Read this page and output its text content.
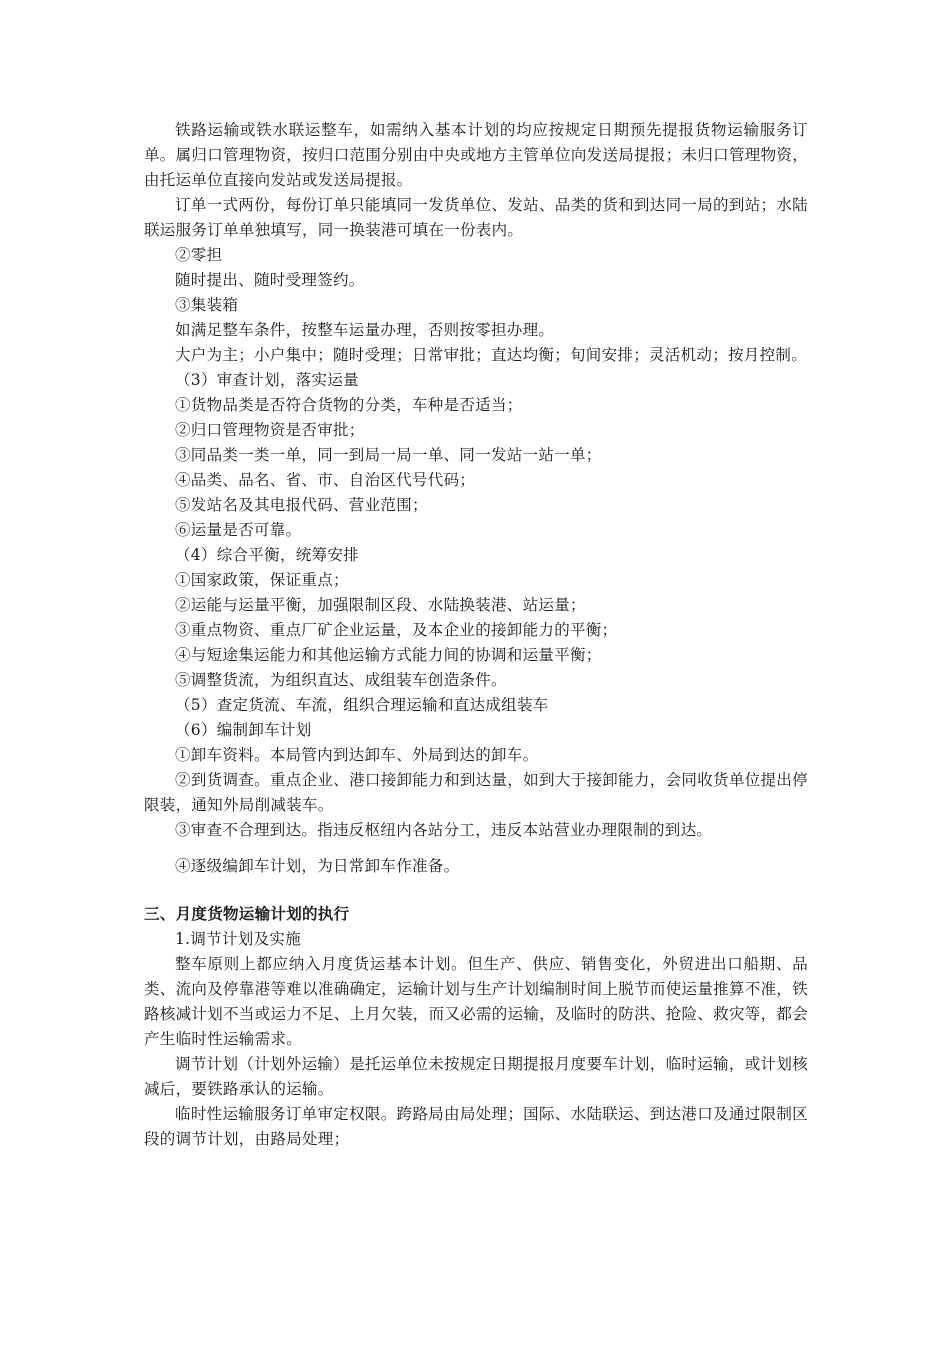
铁路运输或铁水联运整车，如需纳入基本计划的均应按规定日期预先提报货物运输服务订单。属归口管理物资，按归口范围分别由中央或地方主管单位向发送局提报；未归口管理物资，由托运单位直接向发站或发送局提报。

订单一式两份，每份订单只能填同一发货单位、发站、品类的货和到达同一局的到站；水陆联运服务订单单独填写，同一换装港可填在一份表内。

②零担

随时提出、随时受理签约。

③集装箱

如满足整车条件，按整车运量办理，否则按零担办理。

大户为主；小户集中；随时受理；日常审批；直达均衡；旬间安排；灵活机动；按月控制。

（3）审查计划，落实运量

①货物品类是否符合货物的分类，车种是否适当；

②归口管理物资是否审批；

③同品类一类一单，同一到局一局一单、同一发站一站一单；

④品类、品名、省、市、自治区代号代码；

⑤发站名及其电报代码、营业范围；

⑥运量是否可靠。

（4）综合平衡，统筹安排

①国家政策，保证重点；

②运能与运量平衡，加强限制区段、水陆换装港、站运量；

③重点物资、重点厂矿企业运量，及本企业的接卸能力的平衡；

④与短途集运能力和其他运输方式能力间的协调和运量平衡；

⑤调整货流，为组织直达、成组装车创造条件。

（5）查定货流、车流，组织合理运输和直达成组装车

（6）编制卸车计划

①卸车资料。本局管内到达卸车、外局到达的卸车。

②到货调查。重点企业、港口接卸能力和到达量，如到大于接卸能力，会同收货单位提出停限装，通知外局削减装车。

③审查不合理到达。指违反枢纽内各站分工，违反本站营业办理限制的到达。

④逐级编卸车计划，为日常卸车作准备。

三、月度货物运输计划的执行

1.调节计划及实施

整车原则上都应纳入月度货运基本计划。但生产、供应、销售变化，外贸进出口船期、品类、流向及停靠港等难以准确确定，运输计划与生产计划编制时间上脱节而使运量推算不准，铁路核减计划不当或运力不足、上月欠装，而又必需的运输，及临时的防洪、抢险、救灾等，都会产生临时性运输需求。

调节计划（计划外运输）是托运单位未按规定日期提报月度要车计划，临时运输，或计划核减后，要铁路承认的运输。

临时性运输服务订单审定权限。跨路局由局处理；国际、水陆联运、到达港口及通过限制区段的调节计划，由路局处理；
